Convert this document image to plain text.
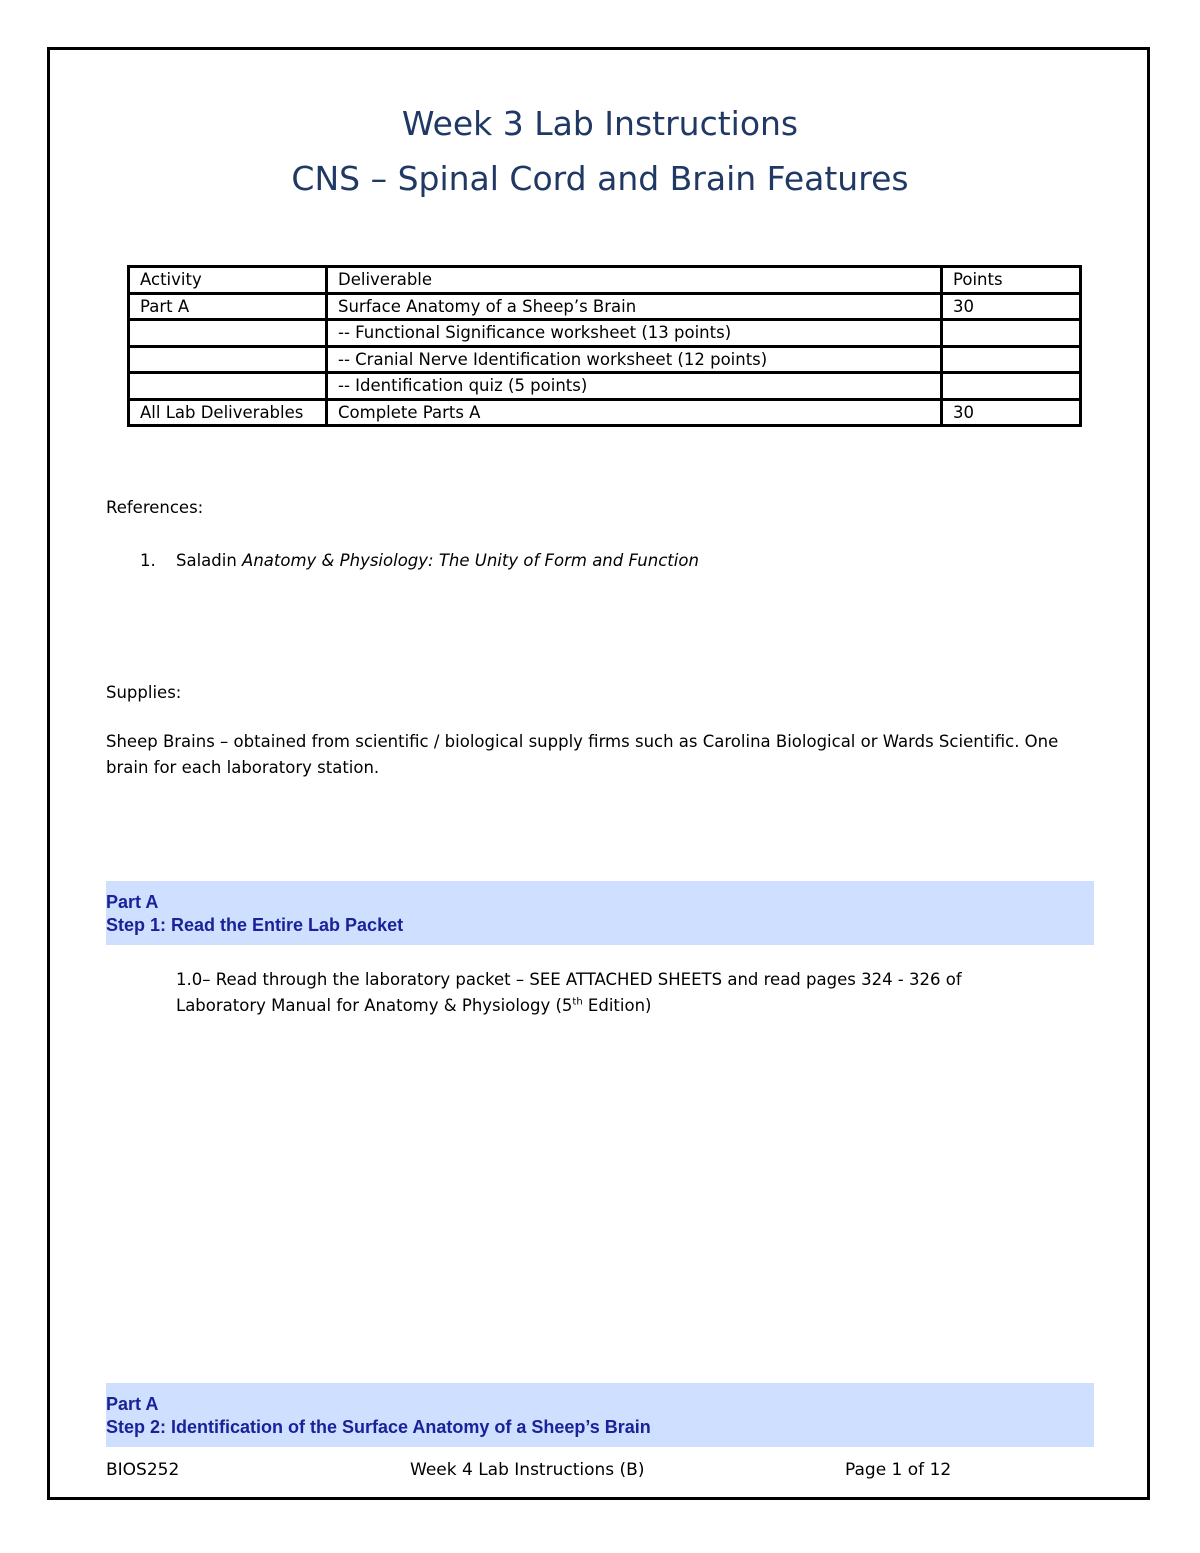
Week 3 Lab Instructions
CNS – Spinal Cord and Brain Features
Activity	Deliverable	Points
Part A	Surface Anatomy of a Sheep’s Brain	30
	-- Functional Significance worksheet (13 points)	
	-- Cranial Nerve Identification worksheet (12 points)	
	-- Identification quiz (5 points)	
All Lab Deliverables	Complete Parts A	30
References:
1. Saladin Anatomy & Physiology: The Unity of Form and Function
Supplies:
Sheep Brains – obtained from scientific / biological supply firms such as Carolina Biological or Wards Scientific. One brain for each laboratory station.
Part A
Step 1: Read the Entire Lab Packet
1.0– Read through the laboratory packet – SEE ATTACHED SHEETS and read pages 324 - 326 of Laboratory Manual for Anatomy & Physiology (5th Edition)
Part A
Step 2: Identification of the Surface Anatomy of a Sheep’s Brain
BIOS252	Week 4 Lab Instructions (B)	Page 1 of 12
